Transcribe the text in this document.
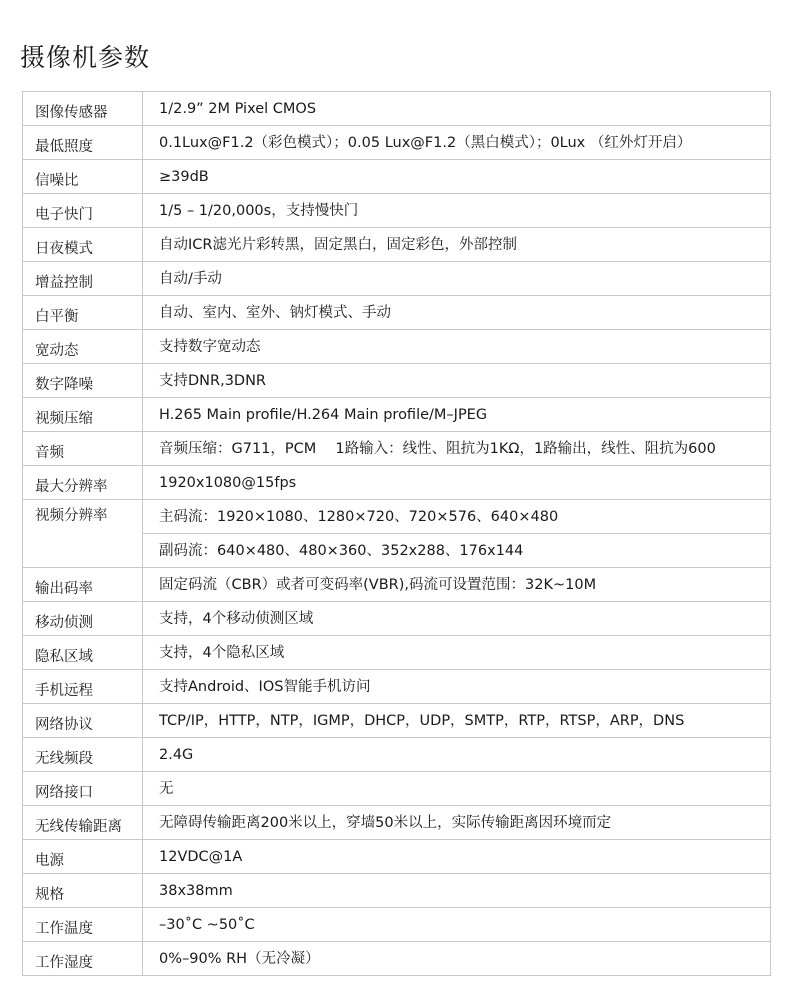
摄像机参数
图像传感器	1/2.9” 2M Pixel CMOS
最低照度	0.1Lux@F1.2（彩色模式）；0.05 Lux@F1.2（黑白模式）；0Lux （红外灯开启）
信噪比	≥39dB
电子快门	1/5 – 1/20,000s，支持慢快门
日夜模式	自动ICR滤光片彩转黑，固定黑白，固定彩色，外部控制
增益控制	自动/手动
白平衡	自动、室内、室外、钠灯模式、手动
宽动态	支持数字宽动态
数字降噪	支持DNR,3DNR
视频压缩	H.265 Main profile/H.264 Main profile/M–JPEG
音频	音频压缩：G711，PCM　 1路输入：线性、阻抗为1KΩ，1路输出，线性、阻抗为600
最大分辨率	1920x1080@15fps
视频分辨率	主码流：1920×1080、1280×720、720×576、640×480
	副码流：640×480、480×360、352x288、176x144
输出码率	固定码流（CBR）或者可变码率(VBR),码流可设置范围：32K~10M
移动侦测	支持，4个移动侦测区域
隐私区域	支持，4个隐私区域
手机远程	支持Android、IOS智能手机访问
网络协议	TCP/IP，HTTP，NTP，IGMP，DHCP，UDP，SMTP，RTP，RTSP，ARP，DNS
无线频段	2.4G
网络接口	无
无线传输距离	无障碍传输距离200米以上，穿墙50米以上，实际传输距离因环境而定
电源	12VDC@1A
规格	38x38mm
工作温度	–30˚C ~50˚C
工作湿度	0%–90% RH（无冷凝）
